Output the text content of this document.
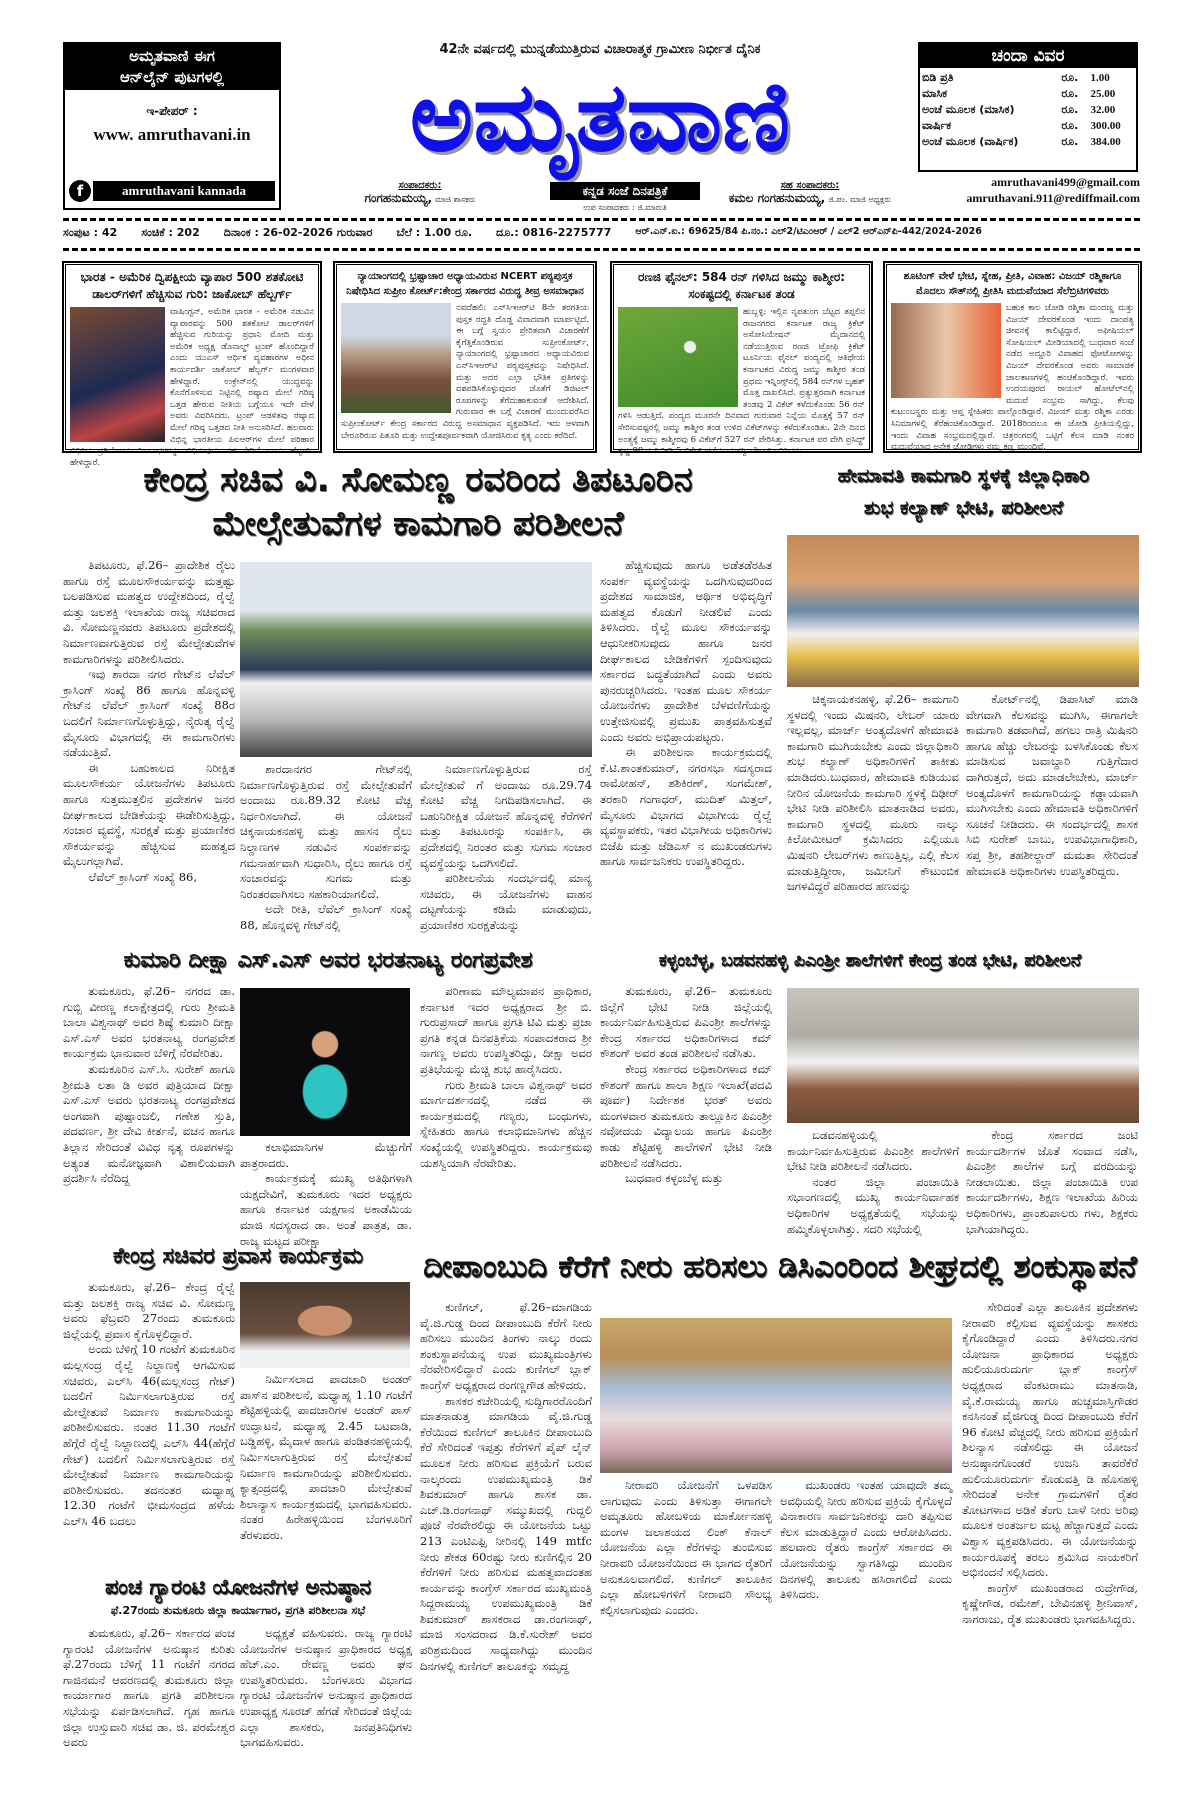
ಅಮೃತವಾಣಿ ಈಗ
ಆನ್‌ಲೈನ್ ಪುಟಗಳಲ್ಲಿ
ಇ-ಪೇಪರ್ :
www. amruthavani.in
f	amruthavani kannada
42ನೇ ವರ್ಷದಲ್ಲಿ ಮುನ್ನಡೆಯುತ್ತಿರುವ ವಿಚಾರಾತ್ಮಕ ಗ್ರಾಮೀಣ ನಿರ್ಭೀತ ದೈನಿಕ
ಅಮೃತವಾಣಿ
ಸಂಪಾದಕರು:
ಗಂಗಹನುಮಯ್ಯ, ಮಾಜಿ ಶಾಸಕರು
ಕನ್ನಡ ಸಂಜೆ ದಿನಪತ್ರಿಕೆ
ಉಪ ಸಂಪಾದಕರು : ಜಿ.ಮಾರುತಿ
ಸಹ ಸಂಪಾದಕರು:
ಕಮಲ ಗಂಗಹನುಮಯ್ಯ, ಜಿ.ಪಂ. ಮಾಜಿ ಅಧ್ಯಕ್ಷರು
ಚಂದಾ ವಿವರ
ಬಿಡಿ ಪ್ರತಿ	ರೂ.	1.00
ಮಾಸಿಕ	ರೂ.	25.00
ಅಂಚೆ ಮೂಲಕ (ಮಾಸಿಕ)	ರೂ.	32.00
ವಾರ್ಷಿಕ	ರೂ.	300.00
ಅಂಚೆ ಮೂಲಕ (ವಾರ್ಷಿಕ)	ರೂ.	384.00
amruthavani499@gmail.com
amruthavani.911@rediffmail.com
ಸಂಪುಟ : 42 ಸಂಚಿಕೆ : 202 ದಿನಾಂಕ : 26-02-2026 ಗುರುವಾರ ಬೆಲೆ : 1.00 ರೂ. ದೂ.: 0816-2275777	ಆರ್.ಎನ್.ಐ.: 69625/84 ಪಿ.ನಂ.: ಎಲ್2/ಟಿಎಂಆರ್ / ಎಲ್2 ಆರ್‌ಎನ್‌ಪಿ-442/2024-2026
ಭಾರತ - ಅಮೆರಿಕ ದ್ವಿಪಕ್ಷೀಯ ವ್ಯಾಪಾರ 500 ಶತಕೋಟಿ ಡಾಲರ್‌ಗಳಿಗೆ ಹೆಚ್ಚಿಸುವ ಗುರಿ: ಜಾಕೋಬ್ ಹೆಲ್ಬರ್ಗ್
ವಾಷಿಂಗ್ಟನ್, ಅಮೆರಿಕ ಭಾರತ - ಅಮೆರಿಕ ನಡುವಿನ ವ್ಯಾಪಾರವನ್ನು 500 ಶತಕೋಟಿ ಡಾಲರ್‌ಗಳಿಗೆ ಹೆಚ್ಚಿಸುವ ಗುರಿಯನ್ನು ಪ್ರಧಾನಿ ಮೋದಿ ಮತ್ತು ಅಮೆರಿಕ ಅಧ್ಯಕ್ಷ ಡೊನಾಲ್ಡ್ ಟ್ರಂಪ್ ಹೊಂದಿದ್ದಾರೆ ಎಂದು ಯುಎಸ್ ಆರ್ಥಿಕ ವ್ಯವಹಾರಗಳ ಅಧೀನ ಕಾರ್ಯದರ್ಶಿ ಜಾಕೋಬ್ ಹೆಲ್ಬರ್ಗ್ ಮಂಗಳವಾರ ಹೇಳಿದ್ದಾರೆ. ಉಕ್ರೇನ್‌ನಲ್ಲಿ ಯುದ್ಧವನ್ನು ಕೊನೆಗೊಳಿಸುವ ನಿಟ್ಟಿನಲ್ಲಿ ರಷ್ಯಾದ ಮೇಲೆ ಗರಿಷ್ಠ ಒತ್ತಡ ಹೇರುವ ನೀತಿಯ ಬಗ್ಗೆಯೂ ಇದೇ ವೇಳೆ ಅವರು ವಿವರಿಸಿದರು. ಟ್ರಂಪ್ ಆಡಳಿತವು ರಷ್ಯಾದ ಮೇಲೆ ಗರಿಷ್ಠ ಒತ್ತಡದ ನೀತಿ ಅನುಸರಿಸಿದೆ. ಹಲವಾರು ವಿಭಿನ್ನ ಭಾರತೀಯ ಪಿಐಆರ್‌ಗಳ ಮೇಲೆ ಪರಿಹಾರ ವಿಧಿಸಿದ ಪ್ರತಿಯೊಂದು ನಿರ್ಬಂಧಗಳನ್ನು ವಿಧಿಸುವುದು ಸಹ ಸೇರಿದೆ ಎಂದು ಹೆಲ್ಬರ್ಗ್ ಹೇಳಿದ್ದಾರೆ.
ನ್ಯಾಯಾಂಗದಲ್ಲಿ ಭ್ರಷ್ಟಾಚಾರ ಅಧ್ಯಾಯವಿರುವ NCERT ಪಠ್ಯಪುಸ್ತಕ ನಿಷೇಧಿಸಿದ ಸುಪ್ರೀಂ ಕೋರ್ಟ್:ಕೇಂದ್ರ ಸರ್ಕಾರದ ವಿರುದ್ಧ ತೀವ್ರ ಅಸಮಾಧಾನ
ನವದೆಹಲಿ: ಎನ್‌ಸಿಇಆರ್‌ಟಿ 8ನೇ ತರಗತಿಯ ಪುಸ್ತಕ ರದ್ದತಿ ದೊಡ್ಡ ವಿವಾದವಾಗಿ ಮಾರ್ಪಟ್ಟಿದೆ. ಈ ಬಗ್ಗೆ ಸ್ವಯಂ ಪ್ರೇರಿತವಾಗಿ ವಿಚಾರಣೆಗೆ ಕೈಗೆತ್ತಿಕೊಂಡಿರುವ ಸುಪ್ರೀಂಕೋರ್ಟ್, ನ್ಯಾಯಾಂಗದಲ್ಲಿ ಭ್ರಷ್ಟಾಚಾರದ ಅಧ್ಯಾಯವಿರುವ ಎನ್‌ಸಿಇಆರ್‌ಟಿ ಪಠ್ಯಪುಸ್ತಕವನ್ನು ನಿಷೇಧಿಸಿದೆ. ಮತ್ತು ಅದರ ಎಲ್ಲಾ ಭೌತಿಕ ಪ್ರತಿಗಳನ್ನು ವಶಪಡಿಸಿಕೊಳ್ಳುವುದರ ಜೊತೆಗೆ ಡಿಜಿಟಲ್ ರೂಪಗಳನ್ನು ತೆಗೆದುಹಾಕುವಂತೆ ಆದೇಶಿಸಿದೆ. ಗುರುವಾರ ಈ ಬಗ್ಗೆ ವಿಚಾರಣೆ ಮುಂದುವರೆಸಿದ ಸುಪ್ರೀಂಕೋರ್ಟ್ ಕೇಂದ್ರ ಸರ್ಕಾರದ ವಿರುದ್ಧ ಅಸಮಾಧಾನ ವ್ಯಕ್ತಪಡಿಸಿದೆ. ಇದು ಆಳವಾಗಿ ಬೇರೂರಿರುವ ಪಿತೂರಿ ಮತ್ತು ಉದ್ದೇಶಪೂರ್ವಕವಾಗಿ ಯೋಜಿಸಿರುವ ಕೃತ್ಯ ಎಂದು ಕರೆದಿದೆ.
ರಣಜಿ ಫೈನಲ್: 584 ರನ್ ಗಳಿಸಿದ ಜಮ್ಮು ಕಾಶ್ಮೀರ: ಸಂಕಷ್ಟದಲ್ಲಿ ಕರ್ನಾಟಕ ತಂಡ
ಹುಬ್ಬಳ್ಳಿ: ಇಲ್ಲಿನ ನೃಪತುಂಗ ಬೆಟ್ಟದ ತಪ್ಪಲಿನ ರಾಜನಗರದ ಕರ್ನಾಟಕ ರಾಜ್ಯ ಕ್ರಿಕೆಟ್ ಅಸೋಸಿಯೇಷನ್ ಮೈದಾನದಲ್ಲಿ ನಡೆಯುತ್ತಿರುವ ರಣಜಿ ಟ್ರೋಫಿ ಕ್ರಿಕೆಟ್ ಟೂರ್ನಿಯ ಫೈನಲ್ ಪಂದ್ಯದಲ್ಲಿ ಆತಿಥೇಯ ಕರ್ನಾಟಕದ ವಿರುದ್ಧ ಜಮ್ಮು ಕಾಶ್ಮೀರ ತಂಡ ಪ್ರಥಮ ಇನ್ನಿಂಗ್ಸ್‌ನಲ್ಲಿ 584 ರನ್‌ಗಳ ಬೃಹತ್ ಮೊತ್ತ ದಾಖಲಿಸಿದೆ. ಪ್ರತ್ಯುತ್ತರವಾಗಿ ಕರ್ನಾಟಕ ತಂಡವು 2 ವಿಕೆಟ್ ಕಳೆದುಕೊಂಡು 56 ರನ್ ಗಳಿಸಿ ಆಡುತ್ತಿದೆ. ಪಂದ್ಯದ ಮೂರನೇ ದಿನವಾದ ಗುರುವಾರ ನಿನ್ನೆಯ ಮೊತ್ತಕ್ಕೆ 57 ರನ್ ಸೇರಿಸುವಷ್ಟರಲ್ಲಿ ಜಮ್ಮು ಕಾಶ್ಮೀರ ತಂಡ ಉಳಿದ ವಿಕೆಟ್‌ಗಳನ್ನು ಕಳೆದುಕೊಂಡಿತು. 2ನೇ ದಿನದ ಅಂತ್ಯಕ್ಕೆ ಜಮ್ಮು ಕಾಶ್ಮೀರವು 6 ವಿಕೆಟ್‌ಗೆ 527 ರನ್ ಪೇರಿಸಿತ್ತು. ಕರ್ನಾಟಕ ಪರ ವೇಗಿ ಪ್ರಸಿದ್ಧ್ ಕೃಷ್ಣ 98 ರನ್ ನೀಡಿ 5 ವಿಕೆಟ್ ಪಡೆದು ಯಶಸ್ವಿ ಬೌಲರ್ ಎನಿಸಿದರು.
ಶೂಟಿಂಗ್ ವೇಳೆ ಭೇಟಿ, ಸ್ನೇಹ, ಪ್ರೀತಿ, ವಿವಾಹ: ವಿಜಯ್ ರಶ್ಮಿಕಾಗೂ ಮೊದಲು ಸೌತ್‌ನಲ್ಲಿ ಪ್ರೀತಿಸಿ ಮದುವೆಯಾದ ಸೆಲೆಬ್ರಿಟಿಗಳಿವರು
ಬಹುಕ ಕಾಲ ಜೋಡಿ ರಶ್ಮಿಕಾ ಮಂದಣ್ಣ ಮತ್ತು ವಿಜಯ್ ದೇವರಕೊಂಡ ಇಂದು ದಾಂಪತ್ಯ ಜೀವನಕ್ಕೆ ಕಾಲಿಟ್ಟಿದ್ದಾರೆ. ಅಫೀಷಿಯಲ್ ಸೋಷಿಯಲ್ ಮೀಡಿಯಾದಲ್ಲಿ ಬುಧವಾರ ಸಂಜೆ ನಡೆದ ಅದ್ದೂರಿ ವಿವಾಹದ ಫೋಟೋಗಳನ್ನು ವಿಜಯ್ ದೇವರಕೊಂಡ ಅವರು ಸಾಮಾಜಿಕ ಜಾಲತಾಣಗಳಲ್ಲಿ ಹಂಚಿಕೊಂಡಿದ್ದಾರೆ. ಇವರು ಉದಯಪುರದ ರಾಯಲ್ ಹೋಟೆಲ್‌ನಲ್ಲಿ ಮದುವೆ ಸಂಭ್ರಮ ಸಾಗಿದ್ದು, ಕೆಲವು ಕುಟುಂಬಸ್ಥರು ಮತ್ತು ಆಪ್ತ ಸ್ನೇಹಿತರು ಪಾಲ್ಗೊಂಡಿದ್ದಾರೆ. ವಿಜಯ್ ಮತ್ತು ರಶ್ಮಿಕಾ ಎರಡು ಸಿನಿಮಾಗಳಲ್ಲಿ ತೆರೆಹಂಚಿಕೊಂಡಿದ್ದಾರೆ. 2018ರಿಂದಲೂ ಈ ಜೋಡಿ ಪ್ರೀತಿಯಲ್ಲಿದ್ದು, ಇಂದು ವಿವಾಹ ಸಂಭ್ರಮದಲ್ಲಿದ್ದಾರೆ. ಚಿತ್ರರಂಗದಲ್ಲಿ ಒಟ್ಟಿಗೆ ಕೆಲಸ ಮಾಡಿ ನಂತರ ಮದುವೆಯಾದ ಅನೇಕ ಜೋಡಿಗಳು ನಮ್ಮ ಕಣ್ಣ ಮುಂದಿವೆ.
ಕೇಂದ್ರ ಸಚಿವ ವಿ. ಸೋಮಣ್ಣ ರವರಿಂದ ತಿಪಟೂರಿನ
ಮೇಲ್ಸೇತುವೆಗಳ ಕಾಮಗಾರಿ ಪರಿಶೀಲನೆ

ತಿಪಟೂರು, ಫೆ.26– ಪ್ರಾದೇಶಿಕ ರೈಲು ಹಾಗೂ ರಸ್ತೆ ಮೂಲಸೌಕರ್ಯವನ್ನು ಮತ್ತಷ್ಟು ಬಲಪಡಿಸುವ ಮಹತ್ವದ ಉದ್ದೇಶದಿಂದ, ರೈಲ್ವೆ ಮತ್ತು ಜಲಶಕ್ತಿ ಇಲಾಖೆಯ ರಾಜ್ಯ ಸಚಿವರಾದ ವಿ. ಸೋಮಣ್ಣನವರು ತಿಪಟೂರು ಪ್ರದೇಶದಲ್ಲಿ ನಿರ್ಮಾಣವಾಗುತ್ತಿರುವ ರಸ್ತೆ ಮೇಲ್ಸೇತುವೆಗಳ ಕಾಮಗಾರಿಗಳನ್ನು ಪರಿಶೀಲಿಸಿದರು.

ಇವು ಶಾರದಾ ನಗರ ಗೇಟ್‌ನ ಲೆವೆಲ್ ಕ್ರಾಸಿಂಗ್ ಸಂಖ್ಯೆ 86 ಹಾಗೂ ಹೊನ್ನವಳ್ಳಿ ಗೇಟ್‌ನ ಲೆವೆಲ್ ಕ್ರಾಸಿಂಗ್ ಸಂಖ್ಯೆ 88ರ ಬದಲಿಗೆ ನಿರ್ಮಾಣಗೊಳ್ಳುತ್ತಿದ್ದು, ನೈರುತ್ಯ ರೈಲ್ವೆ ಮೈಸೂರು ವಿಭಾಗದಲ್ಲಿ ಈ ಕಾಮಗಾರಿಗಳು ನಡೆಯುತ್ತಿವೆ.

ಈ ಬಹುಕಾಲದ ನಿರೀಕ್ಷಿತ ಮೂಲಸೌಕರ್ಯ ಯೋಜನೆಗಳು ತಿಪಟೂರು ಹಾಗೂ ಸುತ್ತಮುತ್ತಲಿನ ಪ್ರದೇಶಗಳ ಜನರ ದೀರ್ಘಕಾಲದ ಬೇಡಿಕೆಯನ್ನು ಈಡೇರಿಸುತ್ತಿದ್ದು, ಸಂಚಾರ ವ್ಯವಸ್ಥೆ, ಸುರಕ್ಷತೆ ಮತ್ತು ಪ್ರಯಾಣಿಕರ ಸೌಕರ್ಯವನ್ನು ಹೆಚ್ಚಿಸುವ ಮಹತ್ವದ ಮೈಲುಗಲ್ಲಾಗಿವೆ.

ಲೆವೆಲ್ ಕ್ರಾಸಿಂಗ್ ಸಂಖ್ಯೆ 86,

ಶಾರದಾನಗರ ಗೇಟ್‌ನಲ್ಲಿ ನಿರ್ಮಾಣಗೊಳ್ಳುತ್ತಿರುವ ರಸ್ತೆ ಮೇಲ್ಸೇತುವೆಗೆ ಅಂದಾಜು ರೂ.89.32 ಕೋಟಿ ವೆಚ್ಚ ನಿರ್ಧರಿಸಲಾಗಿದೆ. ಈ ಯೋಜನೆ ಚಿಕ್ಕನಾಯಕನಹಳ್ಳಿ ಮತ್ತು ಹಾಸನ ರೈಲು ನಿಲ್ದಾಣಗಳ ನಡುವಿನ ಸಂಪರ್ಕವನ್ನು ಗಮನಾರ್ಹವಾಗಿ ಸುಧಾರಿಸಿ, ರೈಲು ಹಾಗೂ ರಸ್ತೆ ಸಂಚಾರವನ್ನು ಸುಗಮ ಮತ್ತು ನಿರಂತರವಾಗಿಸಲು ಸಹಕಾರಿಯಾಗಲಿದೆ.

ಅದೇ ರೀತಿ, ಲೆವೆಲ್ ಕ್ರಾಸಿಂಗ್ ಸಂಖ್ಯೆ 88, ಹೊನ್ನವಳ್ಳಿ ಗೇಟ್‌ನಲ್ಲಿ

ನಿರ್ಮಾಣಗೊಳ್ಳುತ್ತಿರುವ ರಸ್ತೆ ಮೇಲ್ಸೇತುವೆ ಗೆ ಅಂದಾಜು ರೂ.29.74 ಕೋಟಿ ವೆಚ್ಚ ನಿಗದಿಪಡಿಸಲಾಗಿದೆ. ಈ ಬಹುನಿರೀಕ್ಷಿತ ಯೋಜನೆ ಹೊನ್ನವಳ್ಳಿ ಕೆರೆಗಳಿಗೆ ಮತ್ತು ತಿಪಟೂರನ್ನು ಸಂಪರ್ಕಿಸಿ, ಈ ಪ್ರದೇಶದಲ್ಲಿ ನಿರಂತರ ಮತ್ತು ಸುಗಮ ಸಂಚಾರ ವ್ಯವಸ್ಥೆಯನ್ನು ಒದಗಿಸಲಿದೆ.

ಪರಿಶೀಲನೆಯ ಸಂದರ್ಭದಲ್ಲಿ ಮಾನ್ಯ ಸಚಿವರು, ಈ ಯೋಜನೆಗಳು ವಾಹನ ದಟ್ಟಣೆಯನ್ನು ಕಡಿಮೆ ಮಾಡುವುದು, ಪ್ರಯಾಣಿಕರ ಸುರಕ್ಷತೆಯನ್ನು

ಹೆಚ್ಚಿಸುವುದು ಹಾಗೂ ಅಡೆತಡೆರಹಿತ ಸಂಪರ್ಕ ವ್ಯವಸ್ಥೆಯನ್ನು ಒದಗಿಸುವುದರಿಂದ ಪ್ರದೇಶದ ಸಾಮಾಜಿಕ, ಆರ್ಥಿಕ ಅಭಿವೃದ್ಧಿಗೆ ಮಹತ್ವದ ಕೊಡುಗೆ ನೀಡಲಿವೆ ಎಂದು ತಿಳಿಸಿದರು. ರೈಲ್ವೆ ಮೂಲ ಸೌಕರ್ಯವನ್ನು ಆಧುನೀಕರಿಸುವುದು ಹಾಗೂ ಜನರ ದೀರ್ಘಕಾಲದ ಬೇಡಿಕೆಗಳಿಗೆ ಸ್ಪಂದಿಸುವುದು ಸರ್ಕಾರದ ಬದ್ಧತೆಯಾಗಿದೆ ಎಂದು ಅವರು ಪುನರುಚ್ಚರಿಸಿದರು. ಇಂತಹ ಮೂಲ ಸೌಕರ್ಯ ಯೋಜನೆಗಳು ಪ್ರಾದೇಶಿಕ ಬೆಳವಣಿಗೆಯನ್ನು ಉತ್ತೇಜಿಸುವಲ್ಲಿ ಪ್ರಮುಖ ಪಾತ್ರವಹಿಸುತ್ತವೆ ಎಂದು ಅವರು ಅಭಿಪ್ರಾಯಪಟ್ಟರು.

ಈ ಪರಿಶೀಲನಾ ಕಾರ್ಯಕ್ರಮದಲ್ಲಿ ಕೆ.ಟಿ.ಶಾಂತಕುಮಾರ್, ನಗರಸಭಾ ಸದಸ್ಯರಾದ ರಾಮೋಹನ್, ಶಶಿಕಿರಣ್, ಸಂಗಮೇಶ್, ತರಕಾರಿ ಗಂಗಾಧರ್, ಮುದಿತ್ ಮಿತ್ತಲ್, ಮೈಸೂರು ವಿಭಾಗದ ವಿಭಾಗೀಯ ರೈಲ್ವೆ ವ್ಯವಸ್ಥಾಪಕರು, ಇತರ ವಿಭಾಗೀಯ ಅಧಿಕಾರಿಗಳು ಬಿಜೆಪಿ ಮತ್ತು ಜೆಡಿಎಸ್ ನ ಮುಖಂಡರುಗಳು ಹಾಗೂ ಸಾರ್ವಜನಿಕರು ಉಪಸ್ಥಿತರಿದ್ದರು.

ಹೇಮಾವತಿ ಕಾಮಗಾರಿ ಸ್ಥಳಕ್ಕೆ ಜಿಲ್ಲಾಧಿಕಾರಿ
ಶುಭ ಕಲ್ಯಾಣ್ ಭೇಟಿ, ಪರಿಶೀಲನೆ

ಚಿಕ್ಕನಾಯಕನಹಳ್ಳಿ, ಫೆ.26– ಕಾಮಗಾರಿ ಸ್ಥಳದಲ್ಲಿ ಇಂದು ಮಿಷನರಿ, ಲೇಬರ್ ಯಾರು ಇಲ್ಲವಲ್ಲ, ಮಾರ್ಚ್ ಅಂತ್ಯದೊಳಗೆ ಹೇಮಾವತಿ ಕಾಮಗಾರಿ ಮುಗಿಯಬೇಕು ಎಂದು ಜಿಲ್ಲಾಧಿಕಾರಿ ಶುಭ ಕಲ್ಯಾಣ್ ಅಧಿಕಾರಿಗಳಿಗೆ ತಾಕೀತು ಮಾಡಿದರು.ಬುಧವಾರ, ಹೇಮಾವತಿ ಕುಡಿಯುವ ನೀರಿನ ಯೋಜನೆಯ ಕಾಮಗಾರಿ ಸ್ಥಳಕ್ಕೆ ದಿಢೀರ್ ಭೇಟಿ ನೀಡಿ ಪರಿಶೀಲಿಸಿ ಮಾತನಾಡಿದ ಅವರು, ಕಾಮಗಾರಿ ಸ್ಥಳದಲ್ಲಿ ಮೂರು ನಾಲ್ಕು ಕಿಲೋಮೀಟರ್ ಕ್ರಮಿಸಿದರು ಎಲ್ಲಿಯೂ ಮಿಷನರಿ ಲೇಬರ್‌ಗಳು ಕಾಣುತ್ತಿಲ್ಲ, ಎಲ್ಲಿ ಕೆಲಸ ಮಾಡುತ್ತಿದ್ದೀರಾ, ಜಮೀನಿಗೆ ಕೌಟುಂಬಿಕ ಜಗಳವಿದ್ದರೆ ಪರಿಹಾರದ ಹಣವನ್ನು

ಕೋರ್ಟ್‌ನಲ್ಲಿ ಡಿಪಾಸಿಟ್ ಮಾಡಿ ವೇಗವಾಗಿ ಕೆಲಸವನ್ನು ಮುಗಿಸಿ, ಈಗಾಗಲೇ ಕಾಮಗಾರಿ ತಡವಾಗಿದೆ, ಹಗಲು ರಾತ್ರಿ ಮಿಷಿನರಿ ಹಾಗೂ ಹೆಚ್ಚು ಲೇಬರನ್ನು ಬಳಸಿಕೊಂಡು ಕೆಲಸ ಮಾಡಿಸುವ ಜವಾಬ್ದಾರಿ ಗುತ್ತಿಗೆದಾರ ದಾಗಿರುತ್ತದೆ, ಅದು ಮಾಡಲೇಬೇಕು, ಮಾರ್ಚ್ ಅಂತ್ಯದೊಳಗೆ ಕಾಮಗಾರಿಯನ್ನು ಕಡ್ಡಾಯವಾಗಿ ಮುಗಿಸಬೇಕು ಎಂದು ಹೇಮಾವತಿ ಅಧಿಕಾರಿಗಳಿಗೆ ಸೂಚನೆ ನೀಡಿದರು. ಈ ಸಂದರ್ಭದಲ್ಲಿ ಶಾಸಕ ಸಿಬಿ ಸುರೇಶ್ ಬಾಬು, ಉಪವಿಭಾಗಾಧಿಕಾರಿ, ಸಪ್ತ ಶ್ರೀ, ತಹಶೀಲ್ದಾರ್ ಮಮತಾ ಸೇರಿದಂತೆ ಹೇಮಾವತಿ ಅಧಿಕಾರಿಗಳು ಉಪಸ್ಥಿತರಿದ್ದರು.

ಕುಮಾರಿ ದೀಕ್ಷಾ ಎಸ್.ಎಸ್ ಅವರ ಭರತನಾಟ್ಯ ರಂಗಪ್ರವೇಶ

ತುಮಕೂರು, ಫೆ.26– ನಗರದ ಡಾ. ಗುಬ್ಬಿ ವೀರಣ್ಣ ಕಲಾಕ್ಷೇತ್ರದಲ್ಲಿ ಗುರು ಶ್ರೀಮತಿ ಬಾಲಾ ವಿಶ್ವನಾಥ್ ಅವರ ಶಿಷ್ಯೆ ಕುಮಾರಿ ದೀಕ್ಷಾ ಎಸ್.ಎಸ್ ಅವರ ಭರತನಾಟ್ಯ ರಂಗಪ್ರವೇಶ ಕಾರ್ಯಕ್ರಮ ಭಾನುವಾರ ಬೆಳಿಗ್ಗೆ ನೆರವೇರಿತು.

ತುಮಕೂರಿನ ಎಸ್.ಸಿ. ಸುರೇಶ್ ಹಾಗೂ ಶ್ರೀಮತಿ ಲತಾ ಡಿ ಅವರ ಪುತ್ರಿಯಾದ ದೀಕ್ಷಾ ಎಸ್.ಎಸ್ ಅವರು ಭರತನಾಟ್ಯ ರಂಗಪ್ರವೇಶದ ಅಂಗವಾಗಿ ಪುಷ್ಪಾಂಜಲಿ, ಗಣೇಶ ಸ್ತುತಿ, ಪದವರ್ಣ, ಶ್ರೀ ದೇವಿ ಕೀರ್ತನೆ, ವಚನ ಹಾಗೂ ತಿಲ್ಲಾನ ಸೇರಿದಂತೆ ವಿವಿಧ ನೃತ್ಯ ರೂಪಗಳನ್ನು ಅತ್ಯಂತ ಮನೋಜ್ಞವಾಗಿ ವಿಶಾಲಿಯವಾಗಿ ಪ್ರದರ್ಶಿಸಿ ನೆರೆದಿದ್ದ

ಕಲಾಭಿಮಾನಿಗಳ ಮೆಚ್ಚುಗೆಗೆ ಪಾತ್ರರಾದರು.

ಕಾರ್ಯಕ್ರಮಕ್ಕೆ ಮುಖ್ಯ ಅತಿಥಿಗಳಾಗಿ ಯಕ್ಷದೇವಿಗೆ, ತುಮಕೂರು ಇದರ ಅಧ್ಯಕ್ಷರು ಹಾಗೂ ಕರ್ನಾಟಕ ಯಕ್ಷಗಾನ ಅಕಾಡೆಮಿಯ ಮಾಜಿ ಸದಸ್ಯರಾದ ಡಾ. ಅಂತೆ ಪಾತ್ರತ, ಡಾ. ರಾಜ್ಯ ಮಟ್ಟದ ಪರೀಕ್ಷಾ

ಪರಿಣಾಮ ಮೌಲ್ಯಮಾಪನ ಪ್ರಾಧಿಕಾರ, ಕರ್ನಾಟಕ ಇದರ ಅಧ್ಯಕ್ಷರಾದ ಶ್ರೀ ಬಿ. ಗುರುಪ್ರಸಾದ್ ಹಾಗೂ ಪ್ರಗತಿ ಟಿವಿ ಮತ್ತು ಪ್ರಜಾ ಪ್ರಗತಿ ಕನ್ನಡ ದಿನಪತ್ರಿಕೆಯ ಸಂಪಾದಕರಾದ ಶ್ರೀ ನಾಗಣ್ಣ ಅವರು ಉಪಸ್ಥಿತರಿದ್ದು, ದೀಕ್ಷಾ ಅವರ ಪ್ರತಿಭೆಯನ್ನು ಮೆಚ್ಚಿ ಶುಭ ಹಾರೈಸಿದರು.

ಗುರು ಶ್ರೀಮತಿ ಬಾಲಾ ವಿಶ್ವನಾಥ್ ಅವರ ಮಾರ್ಗದರ್ಶನದಲ್ಲಿ ನಡೆದ ಈ ಕಾರ್ಯಕ್ರಮದಲ್ಲಿ ಗಣ್ಯರು, ಬಂಧುಗಳು, ಸ್ನೇಹಿತರು ಹಾಗೂ ಕಲಾಭಿಮಾನಿಗಳು ಹೆಚ್ಚಿನ ಸಂಖ್ಯೆಯಲ್ಲಿ ಉಪಸ್ಥಿತರಿದ್ದರು. ಕಾರ್ಯಕ್ರಮವು ಯಶಸ್ವಿಯಾಗಿ ನೆರವೇರಿತು.

ಕಳ್ಳಂಬೆಳ್ಳ, ಬಡವನಹಳ್ಳಿ ಪಿಎಂಶ್ರೀ ಶಾಲೆಗಳಿಗೆ ಕೇಂದ್ರ ತಂಡ ಭೇಟಿ, ಪರಿಶೀಲನೆ

ತುಮಕೂರು, ಫೆ.26– ತುಮಕೂರು ಜಿಲ್ಲೆಗೆ ಭೇಟಿ ನೀಡಿ ಜಿಲ್ಲೆಯಲ್ಲಿ ಕಾರ್ಯನಿರ್ವಹಿಸುತ್ತಿರುವ ಪಿಎಂಶ್ರೀ ಶಾಲೆಗಳನ್ನು ಕೇಂದ್ರ ಸರ್ಕಾರದ ಅಧಿಕಾರಿಗಳಾದ ಕಮ್ ಕೌಶಂಗ್ ಅವರ ತಂಡ ಪರಿಶೀಲನೆ ನಡೆಸಿತು.

ಕೇಂದ್ರ ಸರ್ಕಾರದ ಅಧಿಕಾರಿಗಳಾದ ಕಮ್ ಕೌಶಂಗ್ ಹಾಗೂ ಶಾಲಾ ಶಿಕ್ಷಣ ಇಲಾಖೆ(ಪದವಿ ಪೂರ್ವ) ನಿರ್ದೇಶಕ ಭರತ್ ಅವರು ಮಂಗಳವಾರ ತುಮಕೂರು ತಾಲ್ಲೂಕಿನ ಪಿಎಂಶ್ರೀ ನವೋದಯ ವಿದ್ಯಾಲಯ ಹಾಗೂ ಪಿಎಂಶ್ರೀ ಕಾಡು ಶೆಟ್ಟಿಹಳ್ಳಿ ಶಾಲೆಗಳಿಗೆ ಭೇಟಿ ನೀಡಿ ಪರಿಶೀಲನೆ ನಡೆಸಿದರು.

ಬುಧವಾರ ಕಳ್ಳಂಬೆಳ್ಳ ಮತ್ತು

ಬಡವನಹಳ್ಳಿಯಲ್ಲಿ ಕಾರ್ಯನಿರ್ವಹಿಸುತ್ತಿರುವ ಪಿಎಂಶ್ರೀ ಶಾಲೆಗಳಿಗೆ ಭೇಟಿ ನೀಡಿ ಪರಿಶೀಲನೆ ನಡೆಸಿದರು.

ನಂತರ ಜಿಲ್ಲಾ ಪಂಚಾಯಿತಿ ಸಭಾಂಗಣದಲ್ಲಿ ಮುಖ್ಯ ಕಾರ್ಯನಿರ್ವಾಹಕ ಅಧಿಕಾರಿಗಳ ಅಧ್ಯಕ್ಷತೆಯಲ್ಲಿ ಸಭೆಯನ್ನು ಹಮ್ಮಿಕೊಳ್ಳಲಾಗಿತ್ತು. ಸದರಿ ಸಭೆಯಲ್ಲಿ

ಕೇಂದ್ರ ಸರ್ಕಾರದ ಜಂಟಿ ಕಾರ್ಯದರ್ಶಿಗಳ ಜೊತೆ ಸಂವಾದ ನಡೆಸಿ, ಪಿಎಂಶ್ರೀ ಶಾಲೆಗಳ ಬಗ್ಗೆ ವರದಿಯನ್ನು ನೀಡಲಾಯಿತು. ಜಿಲ್ಲಾ ಪಂಚಾಯಿತಿ ಉಪ ಕಾರ್ಯದರ್ಶಿಗಳು, ಶಿಕ್ಷಣ ಇಲಾಖೆಯ ಹಿರಿಯ ಅಧಿಕಾರಿಗಳು, ಪ್ರಾಂಶುಪಾಲರು ಗಳು, ಶಿಕ್ಷಕರು ಭಾಗಿಯಾಗಿದ್ದರು.

ಕೇಂದ್ರ ಸಚಿವರ ಪ್ರವಾಸ ಕಾರ್ಯಕ್ರಮ

ತುಮಕೂರು, ಫೆ.26– ಕೇಂದ್ರ ರೈಲ್ವೆ ಮತ್ತು ಜಲಶಕ್ತಿ ರಾಜ್ಯ ಸಚಿವ ವಿ. ಸೋಮಣ್ಣ ಅವರು ಫೆಬ್ರವರಿ 27ರಂದು ತುಮಕೂರು ಜಿಲ್ಲೆಯಲ್ಲಿ ಪ್ರವಾಸ ಕೈಗೊಳ್ಳಲಿದ್ದಾರೆ.

ಅಂದು ಬೆಳಿಗ್ಗೆ 10 ಗಂಟೆಗೆ ತುಮಕೂರಿನ ಮಲ್ಲಸಂದ್ರ ರೈಲ್ವೆ ನಿಲ್ದಾಣಕ್ಕೆ ಆಗಮಿಸುವ ಸಚಿವರು, ಎಲ್‌ಸಿ 46(ಮಲ್ಲಸಂದ್ರ ಗೇಟ್) ಬದಲಿಗೆ ನಿರ್ಮಿಸಲಾಗುತ್ತಿರುವ ರಸ್ತೆ ಮೇಲ್ಸೇತುವೆ ನಿರ್ಮಾಣ ಕಾಮಗಾರಿಯನ್ನು ಪರಿಶೀಲಿಸುವರು. ನಂತರ 11.30 ಗಂಟೆಗೆ ಹೆಗ್ಗೆರೆ ರೈಲ್ವೆ ನಿಲ್ದಾಣದಲ್ಲಿ ಎಲ್‌ಸಿ 44(ಹೆಗ್ಗೆರೆ ಗೇಟ್) ಬದಲಿಗೆ ನಿರ್ಮಿಸಲಾಗುತ್ತಿರುವ ರಸ್ತೆ ಮೇಲ್ಸೇತುವೆ ನಿರ್ಮಾಣ ಕಾಮಗಾರಿಯನ್ನು ಪರಿಶೀಲಿಸುವರು. ತದನಂತರ ಮಧ್ಯಾಹ್ನ 12.30 ಗಂಟೆಗೆ ಭೀಮಸಂದ್ರದ ಹಳೆಯ ಎಲ್‌ಸಿ 46 ಬದಲು

ನಿರ್ಮಿಸಲಾದ ಪಾದಚಾರಿ ಅಂಡರ್ ಪಾಸ್‌ನ ಪರಿಶೀಲನೆ, ಮಧ್ಯಾಹ್ನ 1.10 ಗಂಟೆಗೆ ಶೆಟ್ಟಿಹಳ್ಳಿಯಲ್ಲಿ ಪಾದಚಾರಿಗಳ ಅಂಡರ್ ಪಾಸ್ ಉದ್ಘಾಟನೆ, ಮಧ್ಯಾಹ್ನ 2.45 ಬಟವಾಡಿ, ಬಡ್ಡಿಹಳ್ಳಿ, ಮೈದಾಳ ಹಾಗೂ ಪಂಡಿತನಹಳ್ಳಿಯಲ್ಲಿ ನಿರ್ಮಿಸಲಾಗುತ್ತಿರುವ ರಸ್ತೆ ಮೇಲ್ಸೇತುವೆ ನಿರ್ಮಾಣ ಕಾಮಗಾರಿಯನ್ನು ಪರಿಶೀಲಿಸುವರು. ಕ್ಯಾತ್ಸಂದ್ರದಲ್ಲಿ ಪಾದಚಾರಿ ಮೇಲ್ಸೇತುವೆ ಶಿಲಾನ್ಯಾಸ ಕಾರ್ಯಕ್ರಮದಲ್ಲಿ ಭಾಗವಹಿಸುವರು. ನಂತರ ಹಿರೇಹಳ್ಳಿಯಿಂದ ಬೆಂಗಳೂರಿಗೆ ತೆರಳುವರು.

ಪಂಚ ಗ್ಯಾರಂಟಿ ಯೋಜನೆಗಳ ಅನುಷ್ಠಾನ
ಫೆ.27ರಂದು ತುಮಕೂರು ಜಿಲ್ಲಾ ಕಾರ್ಯಾಗಾರ, ಪ್ರಗತಿ ಪರಿಶೀಲನಾ ಸಭೆ

ತುಮಕೂರು, ಫೆ.26– ಸರ್ಕಾರದ ಪಂಚ ಗ್ಯಾರಂಟಿ ಯೋಜನೆಗಳ ಅನುಷ್ಠಾನ ಕುರಿತು ಫೆ.27ರಂದು ಬೆಳಿಗ್ಗೆ 11 ಗಂಟೆಗೆ ನಗರದ ಗಾಜಿನಮನೆ ಆವರಣದಲ್ಲಿ ತುಮಕೂರು ಜಿಲ್ಲಾ ಕಾರ್ಯಾಗಾರ ಹಾಗೂ ಪ್ರಗತಿ ಪರಿಶೀಲನಾ ಸಭೆಯನ್ನು ಏರ್ಪಡಿಸಲಾಗಿದೆ. ಗೃಹ ಹಾಗೂ ಜಿಲ್ಲಾ ಉಸ್ತುವಾರಿ ಸಚಿವ ಡಾ. ಜಿ. ಪರಮೇಶ್ವರ ಅವರು

ಅಧ್ಯಕ್ಷತೆ ವಹಿಸುವರು. ರಾಜ್ಯ ಗ್ಯಾರಂಟಿ ಯೋಜನೆಗಳ ಅನುಷ್ಠಾನ ಪ್ರಾಧಿಕಾರದ ಅಧ್ಯಕ್ಷ ಹೆಚ್.ಎಂ. ರೇವಣ್ಣ ಅವರು ಘನ ಉಪಸ್ಥಿತರಿರುವರು. ಬೆಂಗಳೂರು ವಿಭಾಗದ ಗ್ಯಾರಂಟಿ ಯೋಜನೆಗಳ ಅನುಷ್ಠಾನ ಪ್ರಾಧಿಕಾರದ ಉಪಾಧ್ಯಕ್ಷ ಸೂರಜ್ ಹೆಗಡೆ ಸೇರಿದಂತೆ ಜಿಲ್ಲೆಯ ಎಲ್ಲಾ ಶಾಸಕರು, ಜನಪ್ರತಿನಿಧಿಗಳು ಭಾಗವಹಿಸುವರು.

ದೀಪಾಂಬುದಿ ಕೆರೆಗೆ ನೀರು ಹರಿಸಲು ಡಿಸಿಎಂರಿಂದ ಶೀಘ್ರದಲ್ಲಿ ಶಂಕುಸ್ಥಾಪನೆ

ಕುಣಿಗಲ್, ಫೆ.26–ಮಾಗಡಿಯ ವೈ.ಜಿ.ಗುಡ್ಡ ದಿಂದ ದೀಪಾಂಬುದಿ ಕೆರೆಗೆ ನೀರು ಹರಿಸಲು ಮುಂದಿನ ತಿಂಗಳು ನಾಲ್ಕು ರಂದು ಶಂಕುಸ್ಥಾಪನೆಯನ್ನ ಉಪ ಮುಖ್ಯಮಂತ್ರಿಗಳು ನೆರವೇರಿಸಲಿದ್ದಾರೆ ಎಂದು ಕುಣಿಗಲ್ ಬ್ಲಾಕ್ ಕಾಂಗ್ರೆಸ್ ಅಧ್ಯಕ್ಷರಾದ ರಂಗಣ್ಣಗೌಡ ಹೇಳಿದರು.

ಶಾಸಕರ ಕಚೇರಿಯಲ್ಲಿ ಸುದ್ದಿಗಾರರೊಂದಿಗೆ ಮಾತನಾಡುತ್ತ ಮಾಗಡಿಯ ವೈ.ಜಿ.ಗುಡ್ಡ ಕೆರೆಯಿಂದ ಕುಣಿಗಲ್ ತಾಲೂಕಿನ ದೀಪಾಂಬುದಿ ಕೆರೆ ಸೇರಿದಂತೆ ಇಪ್ಪತ್ತು ಕೆರೆಗಳಿಗೆ ಪೈಪ್ ಲೈನ್ ಮೂಲಕ ನೀರು ಹರಿಸುವ ಪ್ರಕ್ರಿಯೆಗೆ ಬರುವ ನಾಲ್ಕರಂದು ಉಪಮುಖ್ಯಮಂತ್ರಿ ಡಿಕೆ ಶಿವಕುಮಾರ್ ಹಾಗೂ ಶಾಸಕ ಡಾ. ಎಚ್.ಡಿ.ರಂಗನಾಥ್ ಸಮ್ಮುಖದಲ್ಲಿ ಗುದ್ದಲಿ ಪೂಜೆ ನೆರವೇರಲಿದ್ದು ಈ ಯೋಜನೆಯ ಒಟ್ಟು 213 ಎಂಟಿಎಫ್ಸಿ ನೀರಿನಲ್ಲಿ 149 mtfc ನೀರು ಶೇಕಡ 60ರಷ್ಟು ನೀರು ಕುಣಿಗಲ್ಲಿನ 20 ಕೆರೆಗಳಿಗೆ ನೀರು ಹರಿಸುವ ಮಹತ್ವವಾದಂತಹ ಕಾರ್ಯವನ್ನು ಕಾಂಗ್ರೆಸ್ ಸರ್ಕಾರದ ಮುಖ್ಯಮಂತ್ರಿ ಸಿದ್ದರಾಮಯ್ಯ ಉಪಮುಖ್ಯಮಂತ್ರಿ ಡಿಕೆ ಶಿವಕುಮಾರ್ ಶಾಸಕರಾದ ಡಾ.ರಂಗನಾಥ್, ಮಾಜಿ ಸಂಸದರಾದ ಡಿ.ಕೆ.ಸುರೇಶ್ ಅವರ ಪರಿಶ್ರಮದಿಂದ ಸಾಧ್ಯವಾಗಿದ್ದು ಮುಂದಿನ ದಿನಗಳಲ್ಲಿ ಕುಣಿಗಲ್ ತಾಲೂಕನ್ನು ಸಮೃದ್ಧ

ನೀರಾವರಿ ಯೋಜನೆಗೆ ಒಳಪಡಿಸ ಲಾಗುವುದು ಎಂದು ತಿಳಿಸುತ್ತಾ ಈಗಾಗಲೇ ಅಮೃತೂರು ಹೋಬಳಿಯ ಮಾರ್ಕೋನಹಳ್ಳಿ ಮಂಗಳ ಜಲಾಶಯದ ಲಿಂಕ್ ಕೆನಾಲ್ ಯೋಜನೆಯ ಎಲ್ಲಾ ಕೆರೆಗಳನ್ನು ತುಂಬಿಸುವ ನೀರಾವರಿ ಯೋಜನೆಯಿಂದ ಈ ಭಾಗದ ರೈತರಿಗೆ ಅನುಕೂಲವಾಗಲಿದೆ. ಕುಣಿಗಲ್ ತಾಲೂಕಿನ ಎಲ್ಲಾ ಹೋಬಳಿಗಳಿಗೆ ನೀರಾವರಿ ಸೌಲಭ್ಯ ಕಲ್ಪಿಸಲಾಗುವುದು ಎಂದರು.

ಮುಖಂಡರು ಇಂತಹ ಯಾವುದೇ ತಮ್ಮ ಅವಧಿಯಲ್ಲಿ ನೀರು ಹರಿಸುವ ಪ್ರಕ್ರಿಯೆ ಕೈಗೊಳ್ಳದೆ ವಿನಾಕಾರಣ ಸಾರ್ವಜನಿಕರನ್ನು ದಾರಿ ತಪ್ಪಿಸುವ ಕೆಲಸ ಮಾಡುತ್ತಿದ್ದಾರೆ ಎಂದು ಆರೋಪಿಸಿದರು. ಹಲವಾರು ರೈತರು ಕಾಂಗ್ರೆಸ್ ಸರ್ಕಾರದ ಈ ಯೋಜನೆಯನ್ನು ಸ್ವಾಗತಿಸಿದ್ದು ಮುಂದಿನ ದಿನಗಳಲ್ಲಿ ತಾಲೂಕು ಹಸಿರಾಗಲಿದೆ ಎಂದು ತಿಳಿಸಿದರು.

ಸೇರಿದಂತೆ ಎಲ್ಲಾ ತಾಲೂಕಿನ ಪ್ರದೇಶಗಳು ನೀರಾವರಿ ಕಲ್ಪಿಸುವ ವ್ಯವಸ್ಥೆಯನ್ನು ಶಾಸಕರು ಕೈಗೊಂಡಿದ್ದಾರೆ ಎಂದು ತಿಳಿಸಿದರು.ನಗರ ಯೋಜನಾ ಪ್ರಾಧಿಕಾರದ ಅಧ್ಯಕ್ಷರು ಹುಲಿಯೂರುದುರ್ಗ ಬ್ಲಾಕ್ ಕಾಂಗ್ರೆಸ್ ಅಧ್ಯಕ್ಷರಾದ ವೆಂಕಟರಾಮು ಮಾತನಾಡಿ, ವೈ.ಕೆ.ರಾಮಯ್ಯ ಹಾಗೂ ಹುಚ್ಚಮಾಸ್ತಿಗೌಡರ ಕನಸಿನಂತೆ ವೈಜಿಗುಡ್ಡ ದಿಂದ ದೀಪಾಂಬುದಿ ಕೆರೆಗೆ 96 ಕೋಟಿ ವೆಚ್ಚದಲ್ಲಿ ನೀರು ಹರಿಸುವ ಪ್ರಕ್ರಿಯೆಗೆ ಶಿಲನ್ಯಾಸ ನಡೆಸಲಿದ್ದು ಈ ಯೋಜನೆ ಅನುಷ್ಠಾನಗೊಂಡರೆ ಉಜನಿ ತಾವರೆಕೆರೆ ಹುಲಿಯೂರುದುರ್ಗ ಕೊಡುವತ್ತಿ ಡಿ ಹೊಸಹಳ್ಳಿ ಸೇರಿದಂತೆ ಅನೇಕ ಗ್ರಾಮಗಳಿಗೆ ರೈತರ ತೋಟಗಳಾದ ಅಡಿಕೆ ತೆಂಗು ಬಾಳೆ ನೀರು ಅರಿವು ಮೂಲಕ ಅಂತರ್ಜಲ ಮಟ್ಟ ಹೆಚ್ಚಾಗುತ್ತದೆ ಎಂದು ವಿಶ್ವಾಸ ವ್ಯಕ್ತಪಡಿಸಿದರು. ಈ ಯೋಜನೆಯನ್ನು ಕಾರ್ಯರೂಪಕ್ಕೆ ತರಲು ಶ್ರಮಿಸಿದ ನಾಯಕರಿಗೆ ಅಭಿನಂದನೆ ಸಲ್ಲಿಸಿದರು.

ಕಾಂಗ್ರೆಸ್ ಮುಖಂಡರಾದ ರುದ್ರೇಗೌಡ, ಕೃಷ್ಣೇಗೌಡ, ರಮೇಶ್, ಬೇವಿನಹಳ್ಳಿ ಶ್ರೀನಿವಾಸ್, ನಾಗರಾಜು, ರೈತ ಮುಖಂಡರು ಭಾಗವಹಿಸಿದ್ದರು.
